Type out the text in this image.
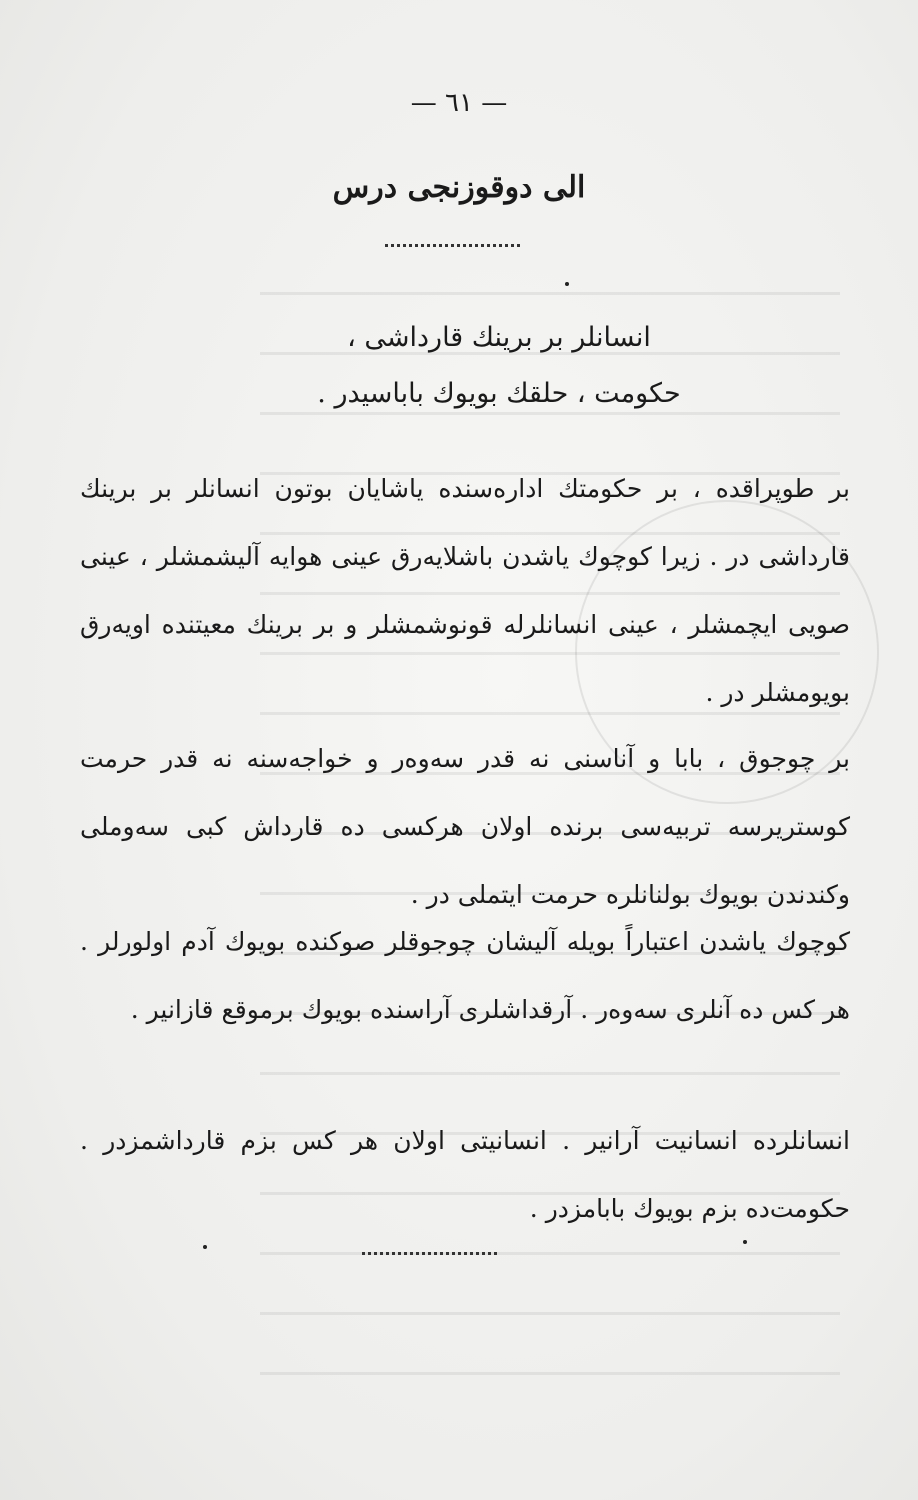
— ٦١ —
الی دوقوزنجی درس
انسانلر بر برینك قارداشی ،
حکومت ، حلقك بویوك باباسیدر .
بر طوپراقده ، بر حکومتك اداره‌سنده یاشایان بوتون انسانلر بر برینك قارداشی در . زیرا کوچوك یاشدن باشلایه‌رق عینی هوایه آلیشمشلر ، عینی صویی ایچمشلر ، عینی انسانلرله قونوشمشلر و بر برینك معیتنده اویه‌رق بویومشلر در .
بر چوجوق ، بابا و آناسنی نه قدر سه‌وه‌ر و خواجه‌سنه نه قدر حرمت کوستریرسه تربیه‌سی برنده اولان هرکسی ده قارداش کبی سه‌وملی وکندندن بویوك بولنانلره حرمت ایتملی در .
کوچوك یاشدن اعتباراً بویله آلیشان چوجوقلر صوکنده بویوك آدم اولورلر . هر کس ده آنلری سه‌وه‌ر . آرقداشلری آراسنده بویوك برموقع قازانیر .
انسانلرده انسانیت آرانیر . انسانیتی اولان هر کس بزم قارداشمزدر . حکومت‌ده بزم بویوك بابامزدر .
